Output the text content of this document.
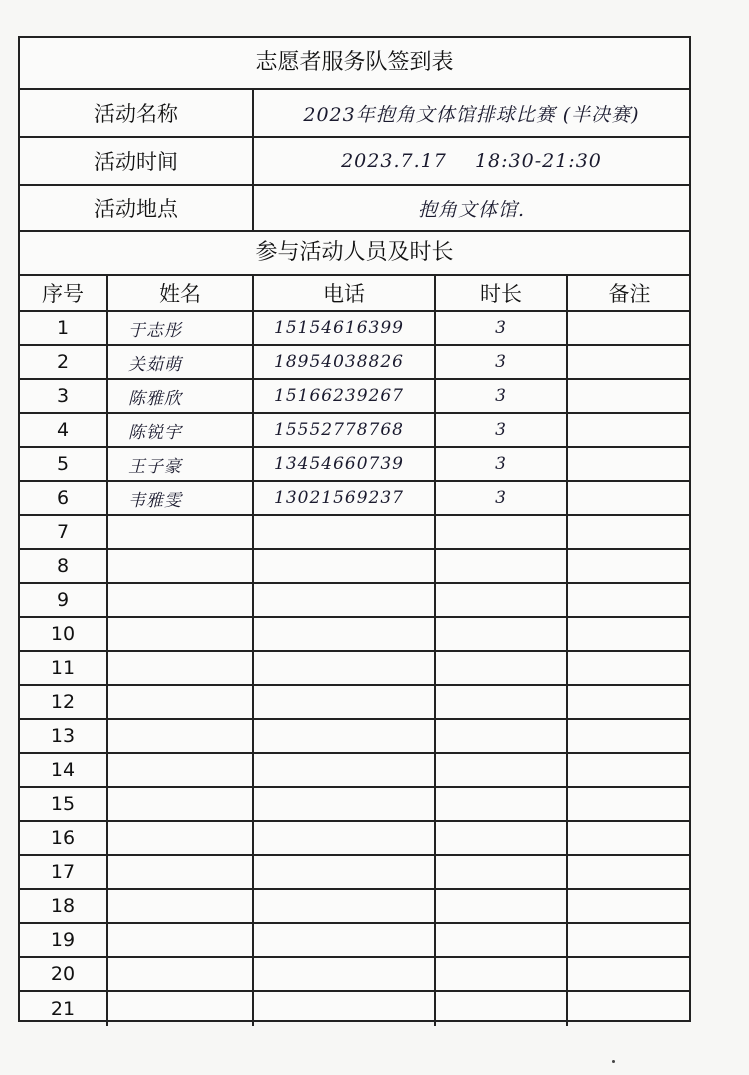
志愿者服务队签到表
活动名称	2023年抱角文体馆排球比赛 (半决赛)
活动时间	2023.7.17    18:30-21:30
活动地点	抱角文体馆.
参与活动人员及时长
序号	姓名	电话	时长	备注
1	于志彤	15154616399	3
2	关茹萌	18954038826	3
3	陈雅欣	15166239267	3
4	陈锐宇	15552778768	3
5	王子豪	13454660739	3
6	韦雅雯	13021569237	3
7
8
9
10
11
12
13
14
15
16
17
18
19
20
21
